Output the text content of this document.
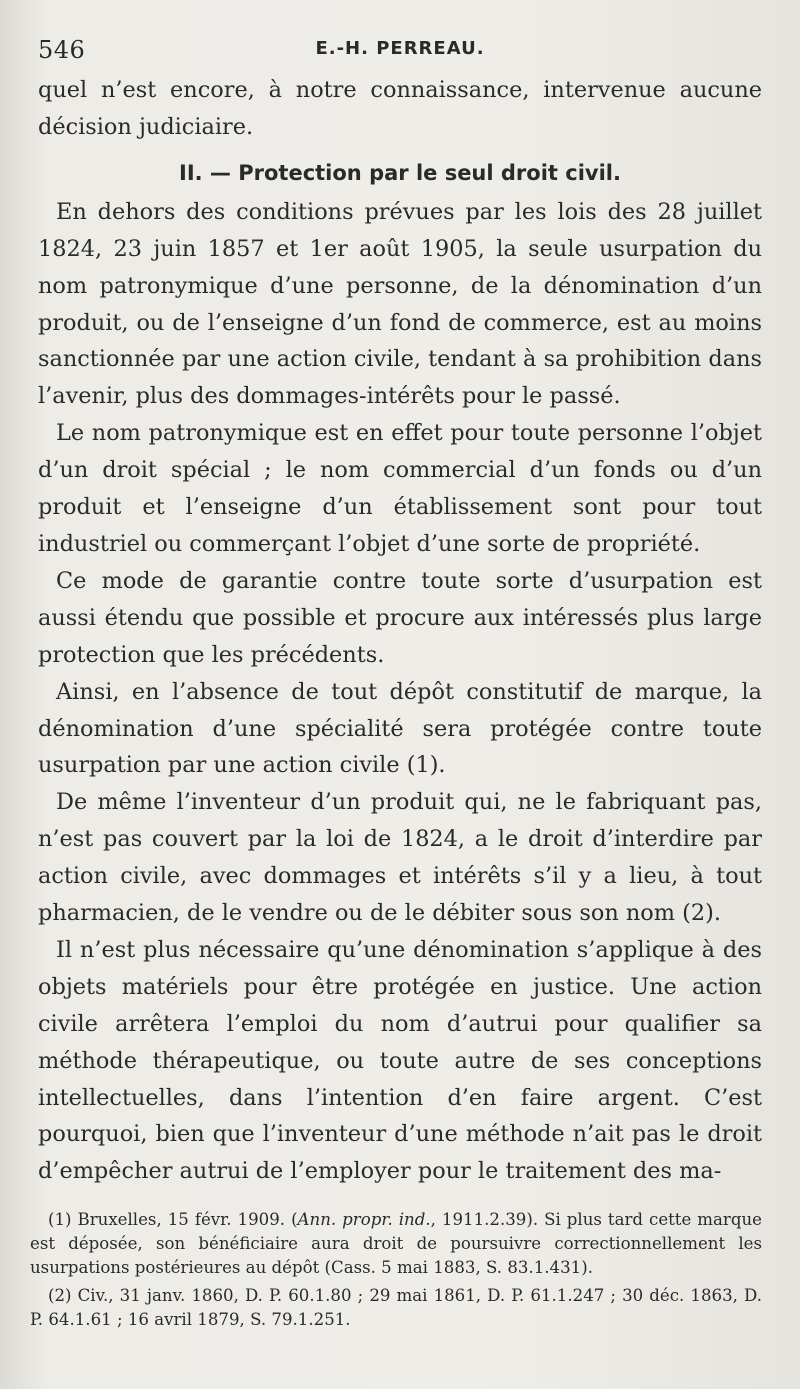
546	E.-H. PERREAU.

quel n’est encore, à notre connaissance, intervenue aucune décision judiciaire.

II. — Protection par le seul droit civil.

En dehors des conditions prévues par les lois des 28 juillet 1824, 23 juin 1857 et 1er août 1905, la seule usurpation du nom patronymique d’une personne, de la dénomination d’un produit, ou de l’enseigne d’un fond de commerce, est au moins sanctionnée par une action civile, tendant à sa prohibition dans l’avenir, plus des dommages-intérêts pour le passé.

Le nom patronymique est en effet pour toute personne l’objet d’un droit spécial ; le nom commercial d’un fonds ou d’un produit et l’enseigne d’un établissement sont pour tout industriel ou commerçant l’objet d’une sorte de propriété.

Ce mode de garantie contre toute sorte d’usurpation est aussi étendu que possible et procure aux intéressés plus large protection que les précédents.

Ainsi, en l’absence de tout dépôt constitutif de marque, la dénomination d’une spécialité sera protégée contre toute usurpation par une action civile (1).

De même l’inventeur d’un produit qui, ne le fabriquant pas, n’est pas couvert par la loi de 1824, a le droit d’interdire par action civile, avec dommages et intérêts s’il y a lieu, à tout pharmacien, de le vendre ou de le débiter sous son nom (2).

Il n’est plus nécessaire qu’une dénomination s’applique à des objets matériels pour être protégée en justice. Une action civile arrêtera l’emploi du nom d’autrui pour qualifier sa méthode thérapeutique, ou toute autre de ses conceptions intellectuelles, dans l’intention d’en faire argent. C’est pourquoi, bien que l’inventeur d’une méthode n’ait pas le droit d’empêcher autrui de l’employer pour le traitement des ma-

(1) Bruxelles, 15 févr. 1909. (Ann. propr. ind., 1911.2.39). Si plus tard cette marque est déposée, son bénéficiaire aura droit de poursuivre correctionnellement les usurpations postérieures au dépôt (Cass. 5 mai 1883, S. 83.1.431).

(2) Civ., 31 janv. 1860, D. P. 60.1.80 ; 29 mai 1861, D. P. 61.1.247 ; 30 déc. 1863, D. P. 64.1.61 ; 16 avril 1879, S. 79.1.251.
